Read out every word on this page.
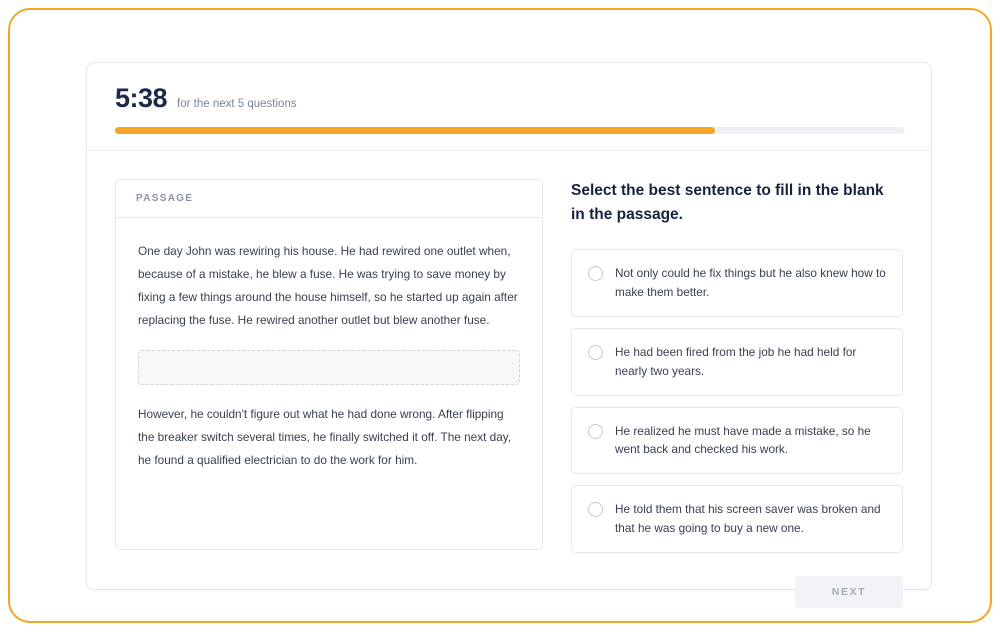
5:38 for the next 5 questions
PASSAGE

One day John was rewiring his house. He had rewired one outlet when, because of a mistake, he blew a fuse. He was trying to save money by fixing a few things around the house himself, so he started up again after replacing the fuse. He rewired another outlet but blew another fuse.

However, he couldn't figure out what he had done wrong. After flipping the breaker switch several times, he finally switched it off. The next day, he found a qualified electrician to do the work for him.

Select the best sentence to fill in the blank in the passage.
Not only could he fix things but he also knew how to make them better.
He had been fired from the job he had held for nearly two years.
He realized he must have made a mistake, so he went back and checked his work.
He told them that his screen saver was broken and that he was going to buy a new one.
NEXT
